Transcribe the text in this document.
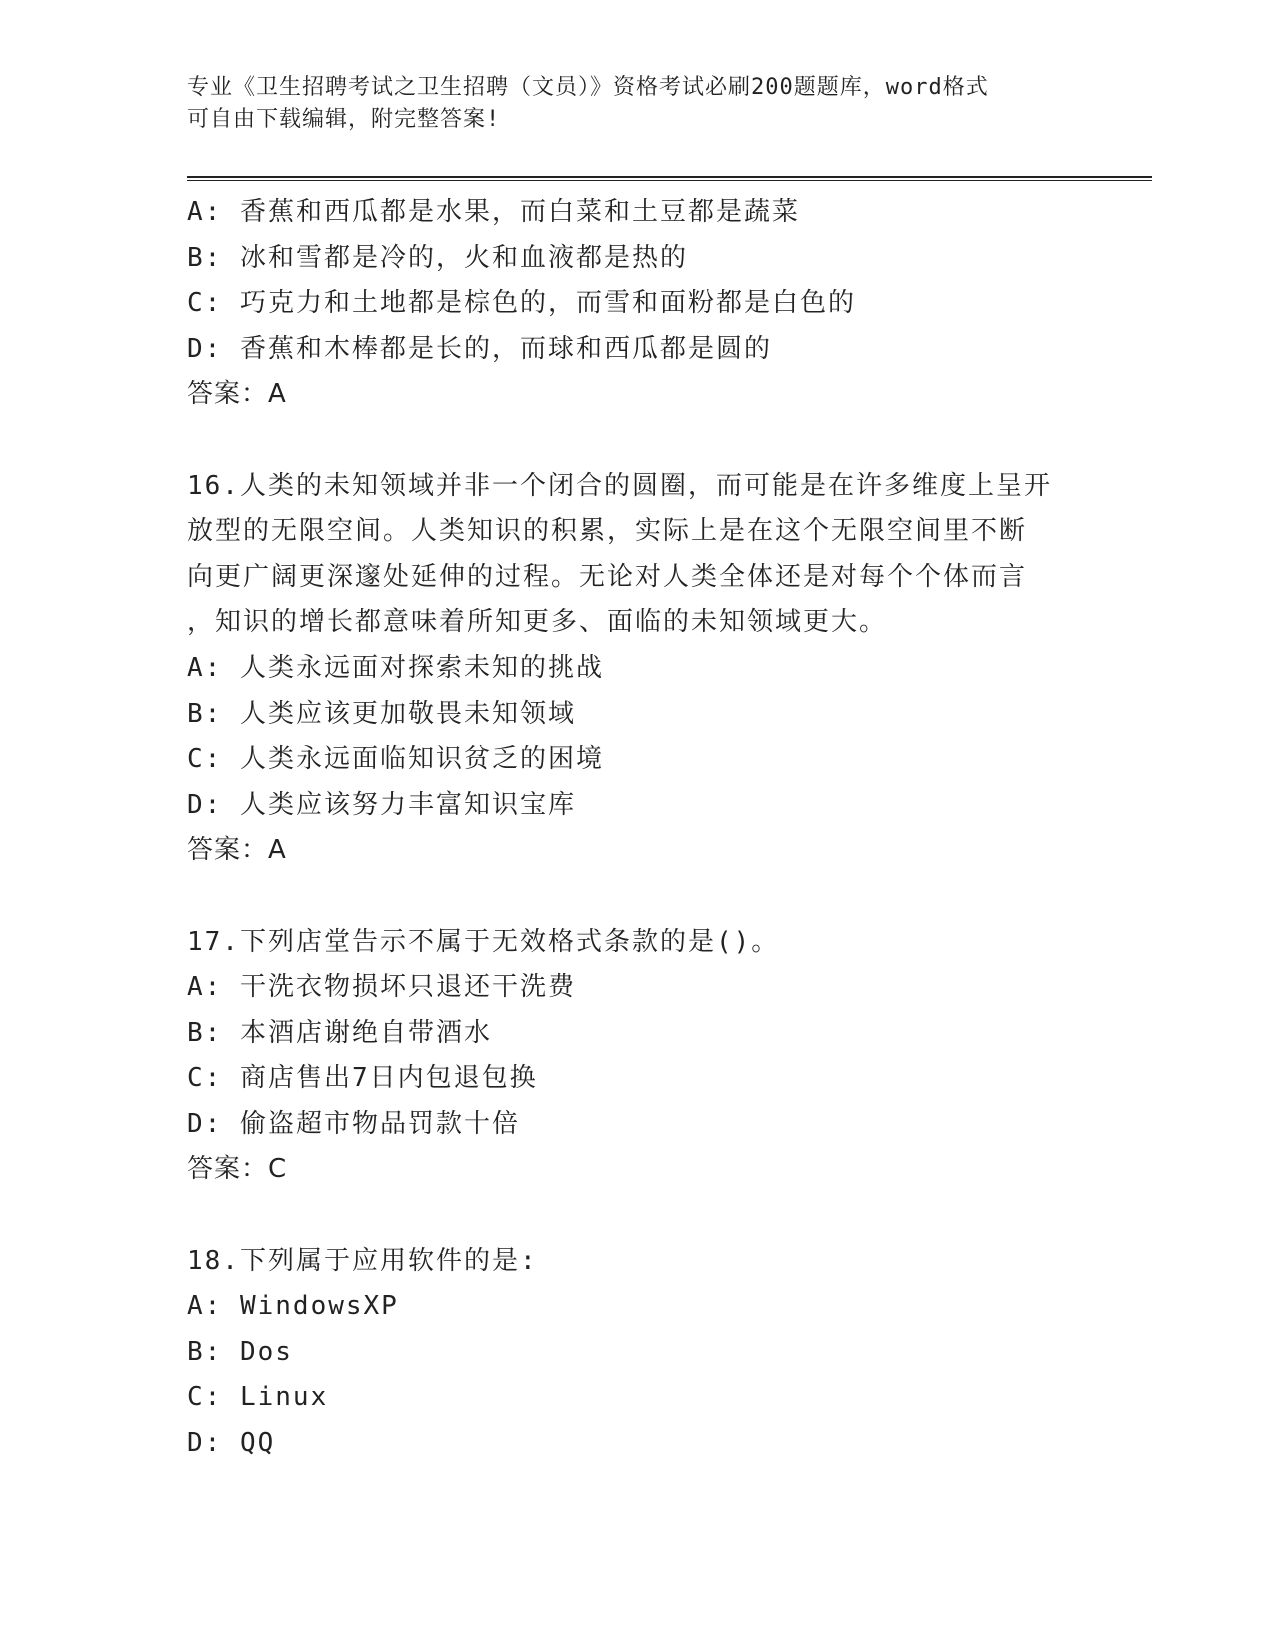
专业《卫生招聘考试之卫生招聘（文员）》资格考试必刷200题题库，word格式
可自由下载编辑，附完整答案!
A: 香蕉和西瓜都是水果，而白菜和土豆都是蔬菜
B: 冰和雪都是冷的，火和血液都是热的
C: 巧克力和土地都是棕色的，而雪和面粉都是白色的
D: 香蕉和木棒都是长的，而球和西瓜都是圆的
答案：A
16.人类的未知领域并非一个闭合的圆圈，而可能是在许多维度上呈开
放型的无限空间。人类知识的积累，实际上是在这个无限空间里不断
向更广阔更深邃处延伸的过程。无论对人类全体还是对每个个体而言
，知识的增长都意味着所知更多、面临的未知领域更大。
A: 人类永远面对探索未知的挑战
B: 人类应该更加敬畏未知领域
C: 人类永远面临知识贫乏的困境
D: 人类应该努力丰富知识宝库
答案：A
17.下列店堂告示不属于无效格式条款的是()。
A: 干洗衣物损坏只退还干洗费
B: 本酒店谢绝自带酒水
C: 商店售出7日内包退包换
D: 偷盗超市物品罚款十倍
答案：C
18.下列属于应用软件的是:
A: WindowsXP
B: Dos
C: Linux
D: QQ
